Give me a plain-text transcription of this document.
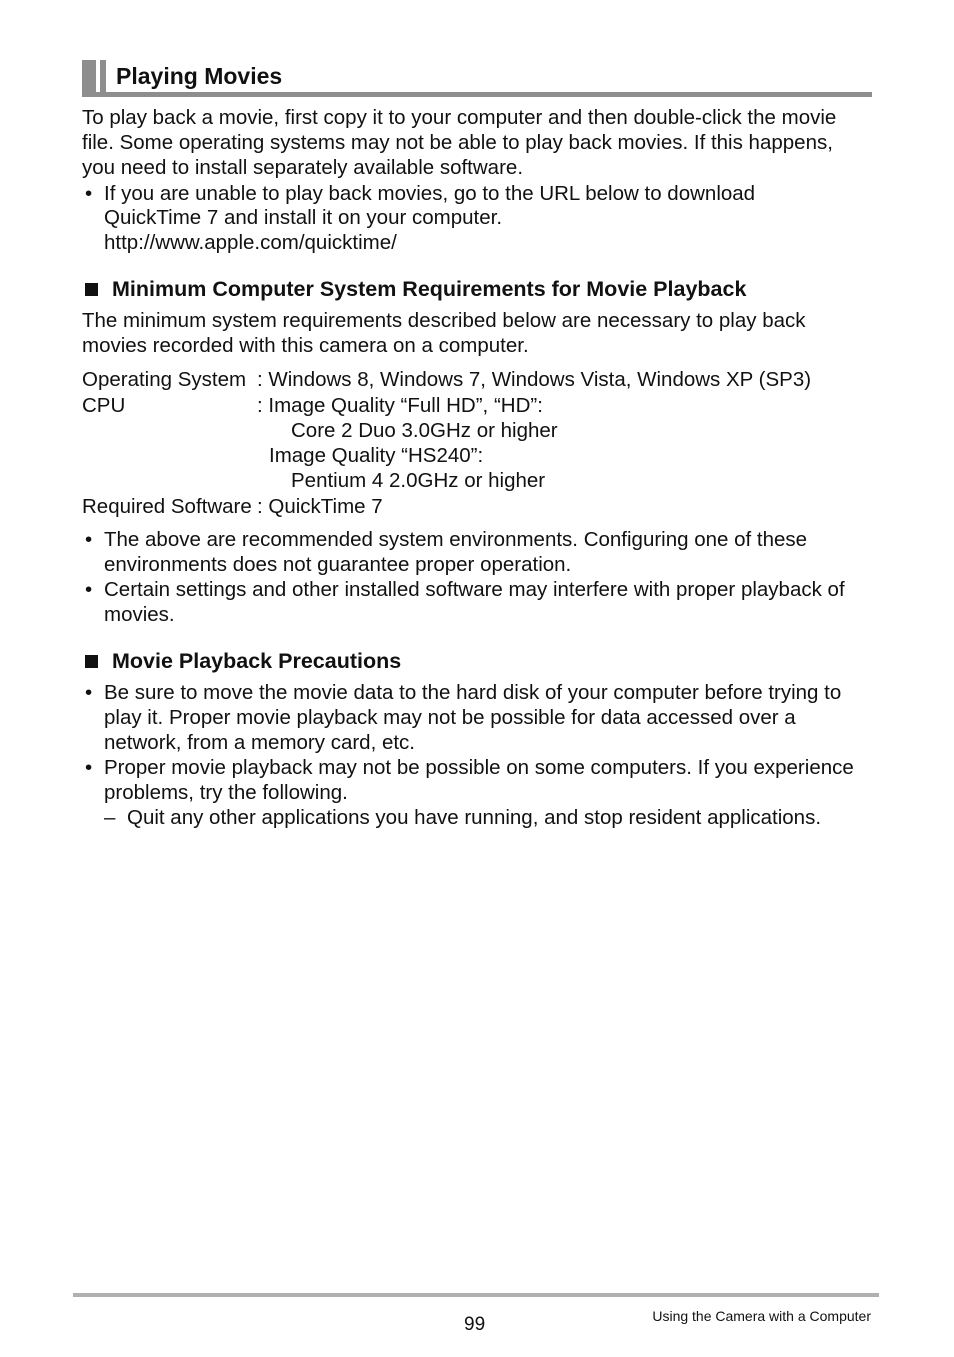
Playing Movies
To play back a movie, first copy it to your computer and then double-click the movie
file. Some operating systems may not be able to play back movies. If this happens,
you need to install separately available software.
• If you are unable to play back movies, go to the URL below to download
QuickTime 7 and install it on your computer.
http://www.apple.com/quicktime/
Minimum Computer System Requirements for Movie Playback
The minimum system requirements described below are necessary to play back
movies recorded with this camera on a computer.
Operating System : Windows 8, Windows 7, Windows Vista, Windows XP (SP3)
CPU	: Image Quality “Full HD”, “HD”:
Core 2 Duo 3.0GHz or higher
Image Quality “HS240”:
Pentium 4 2.0GHz or higher
Required Software : QuickTime 7
• The above are recommended system environments. Configuring one of these
environments does not guarantee proper operation.
• Certain settings and other installed software may interfere with proper playback of
movies.
Movie Playback Precautions
• Be sure to move the movie data to the hard disk of your computer before trying to
play it. Proper movie playback may not be possible for data accessed over a
network, from a memory card, etc.
• Proper movie playback may not be possible on some computers. If you experience
problems, try the following.
– Quit any other applications you have running, and stop resident applications.
99	Using the Camera with a Computer
